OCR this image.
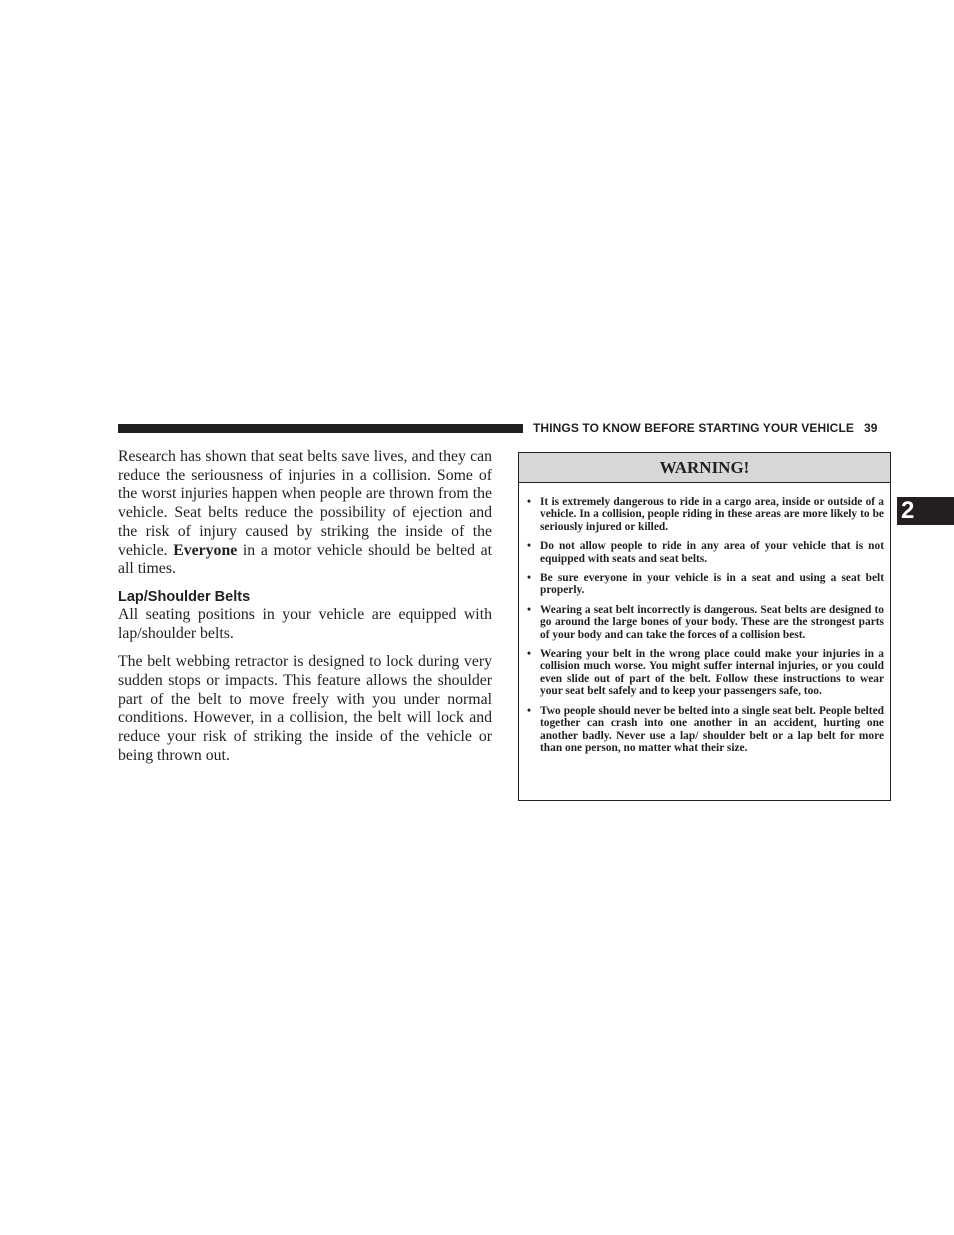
THINGS TO KNOW BEFORE STARTING YOUR VEHICLE 39
2

Research has shown that seat belts save lives, and they can reduce the seriousness of injuries in a collision. Some of the worst injuries happen when people are thrown from the vehicle. Seat belts reduce the possibility of ejection and the risk of injury caused by striking the inside of the vehicle. Everyone in a motor vehicle should be belted at all times.

Lap/Shoulder Belts

All seating positions in your vehicle are equipped with lap/shoulder belts.

The belt webbing retractor is designed to lock during very sudden stops or impacts. This feature allows the shoulder part of the belt to move freely with you under normal conditions. However, in a collision, the belt will lock and reduce your risk of striking the inside of the vehicle or being thrown out.

WARNING!
• It is extremely dangerous to ride in a cargo area, inside or outside of a vehicle. In a collision, people riding in these areas are more likely to be seriously injured or killed.
• Do not allow people to ride in any area of your vehicle that is not equipped with seats and seat belts.
• Be sure everyone in your vehicle is in a seat and using a seat belt properly.
• Wearing a seat belt incorrectly is dangerous. Seat belts are designed to go around the large bones of your body. These are the strongest parts of your body and can take the forces of a collision best.
• Wearing your belt in the wrong place could make your injuries in a collision much worse. You might suffer internal injuries, or you could even slide out of part of the belt. Follow these instructions to wear your seat belt safely and to keep your passengers safe, too.
• Two people should never be belted into a single seat belt. People belted together can crash into one another in an accident, hurting one another badly. Never use a lap/ shoulder belt or a lap belt for more than one person, no matter what their size.
